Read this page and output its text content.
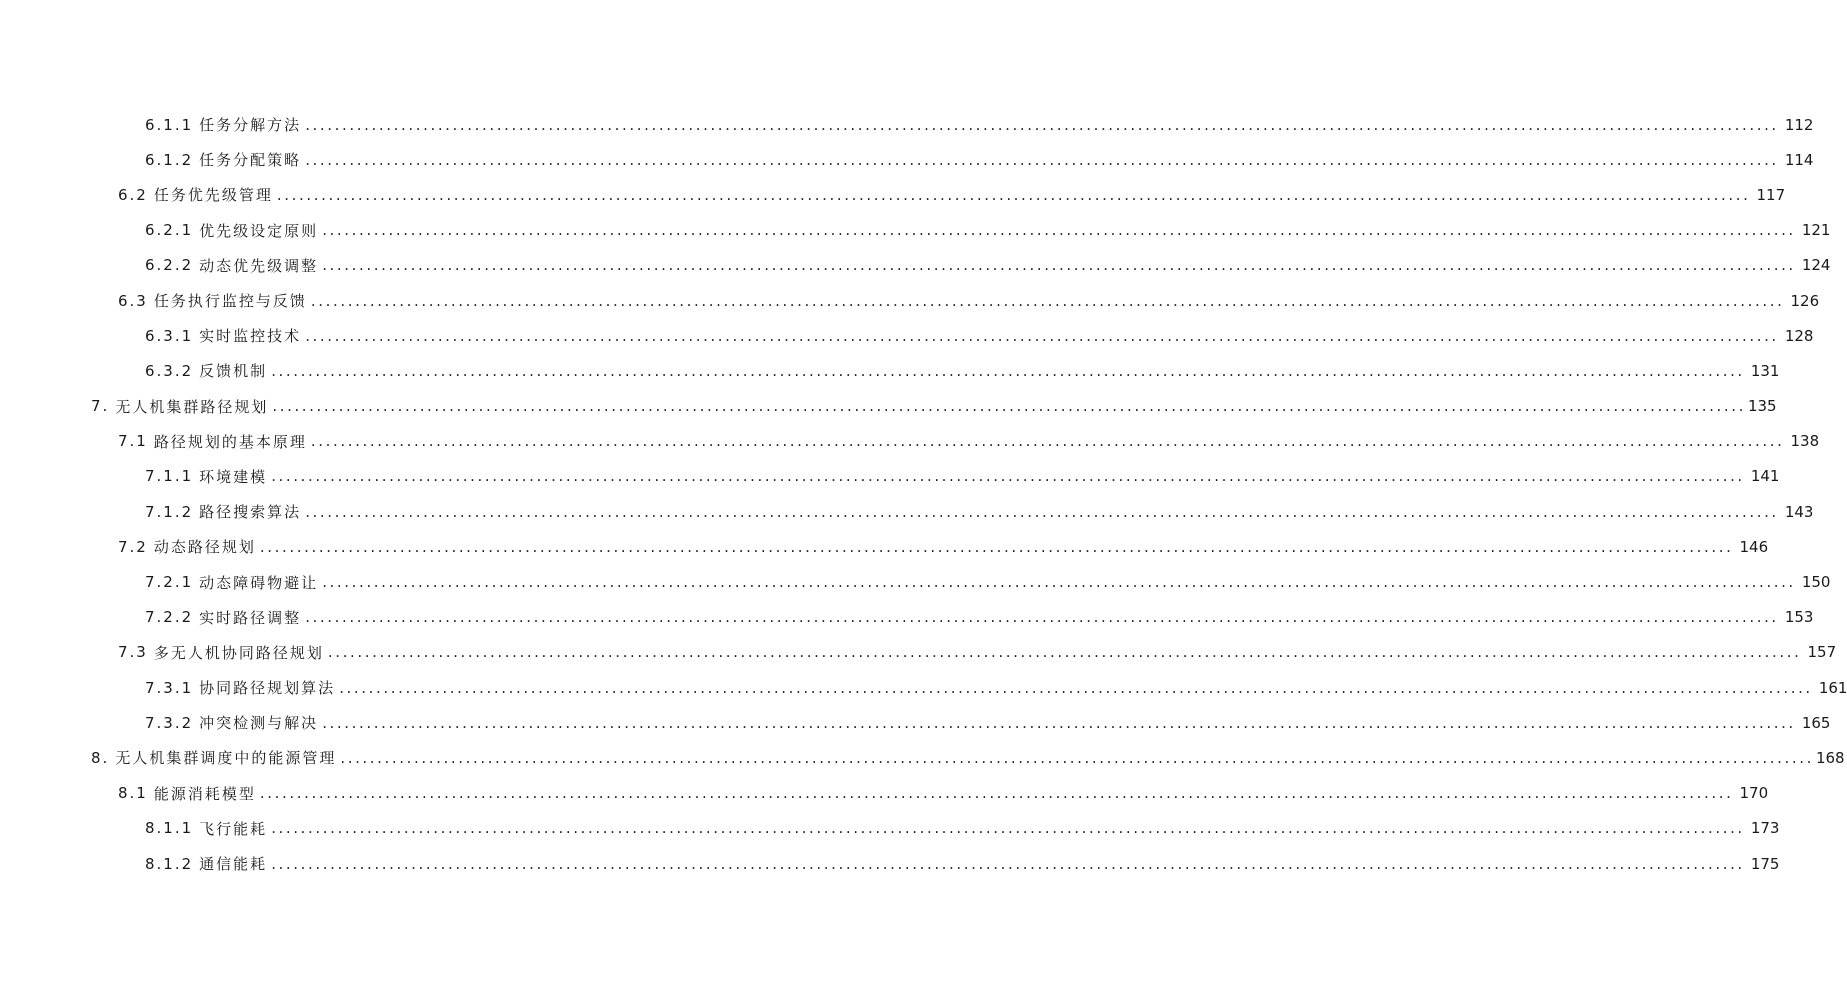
6.1.1 任务分解方法 ........................................................................................................................................................................................................ 112
6.1.2 任务分配策略 ........................................................................................................................................................................................................ 114
6.2 任务优先级管理 ........................................................................................................................................................................................................ 117
6.2.1 优先级设定原则 ........................................................................................................................................................................................................ 121
6.2.2 动态优先级调整 ........................................................................................................................................................................................................ 124
6.3 任务执行监控与反馈 ........................................................................................................................................................................................................ 126
6.3.1 实时监控技术 ........................................................................................................................................................................................................ 128
6.3.2 反馈机制 ........................................................................................................................................................................................................ 131
7. 无人机集群路径规划 ........................................................................................................................................................................................................ 135
7.1 路径规划的基本原理 ........................................................................................................................................................................................................ 138
7.1.1 环境建模 ........................................................................................................................................................................................................ 141
7.1.2 路径搜索算法 ........................................................................................................................................................................................................ 143
7.2 动态路径规划 ........................................................................................................................................................................................................ 146
7.2.1 动态障碍物避让 ........................................................................................................................................................................................................ 150
7.2.2 实时路径调整 ........................................................................................................................................................................................................ 153
7.3 多无人机协同路径规划 ........................................................................................................................................................................................................ 157
7.3.1 协同路径规划算法 ........................................................................................................................................................................................................ 161
7.3.2 冲突检测与解决 ........................................................................................................................................................................................................ 165
8. 无人机集群调度中的能源管理 ........................................................................................................................................................................................................ 168
8.1 能源消耗模型 ........................................................................................................................................................................................................ 170
8.1.1 飞行能耗 ........................................................................................................................................................................................................ 173
8.1.2 通信能耗 ........................................................................................................................................................................................................ 175
